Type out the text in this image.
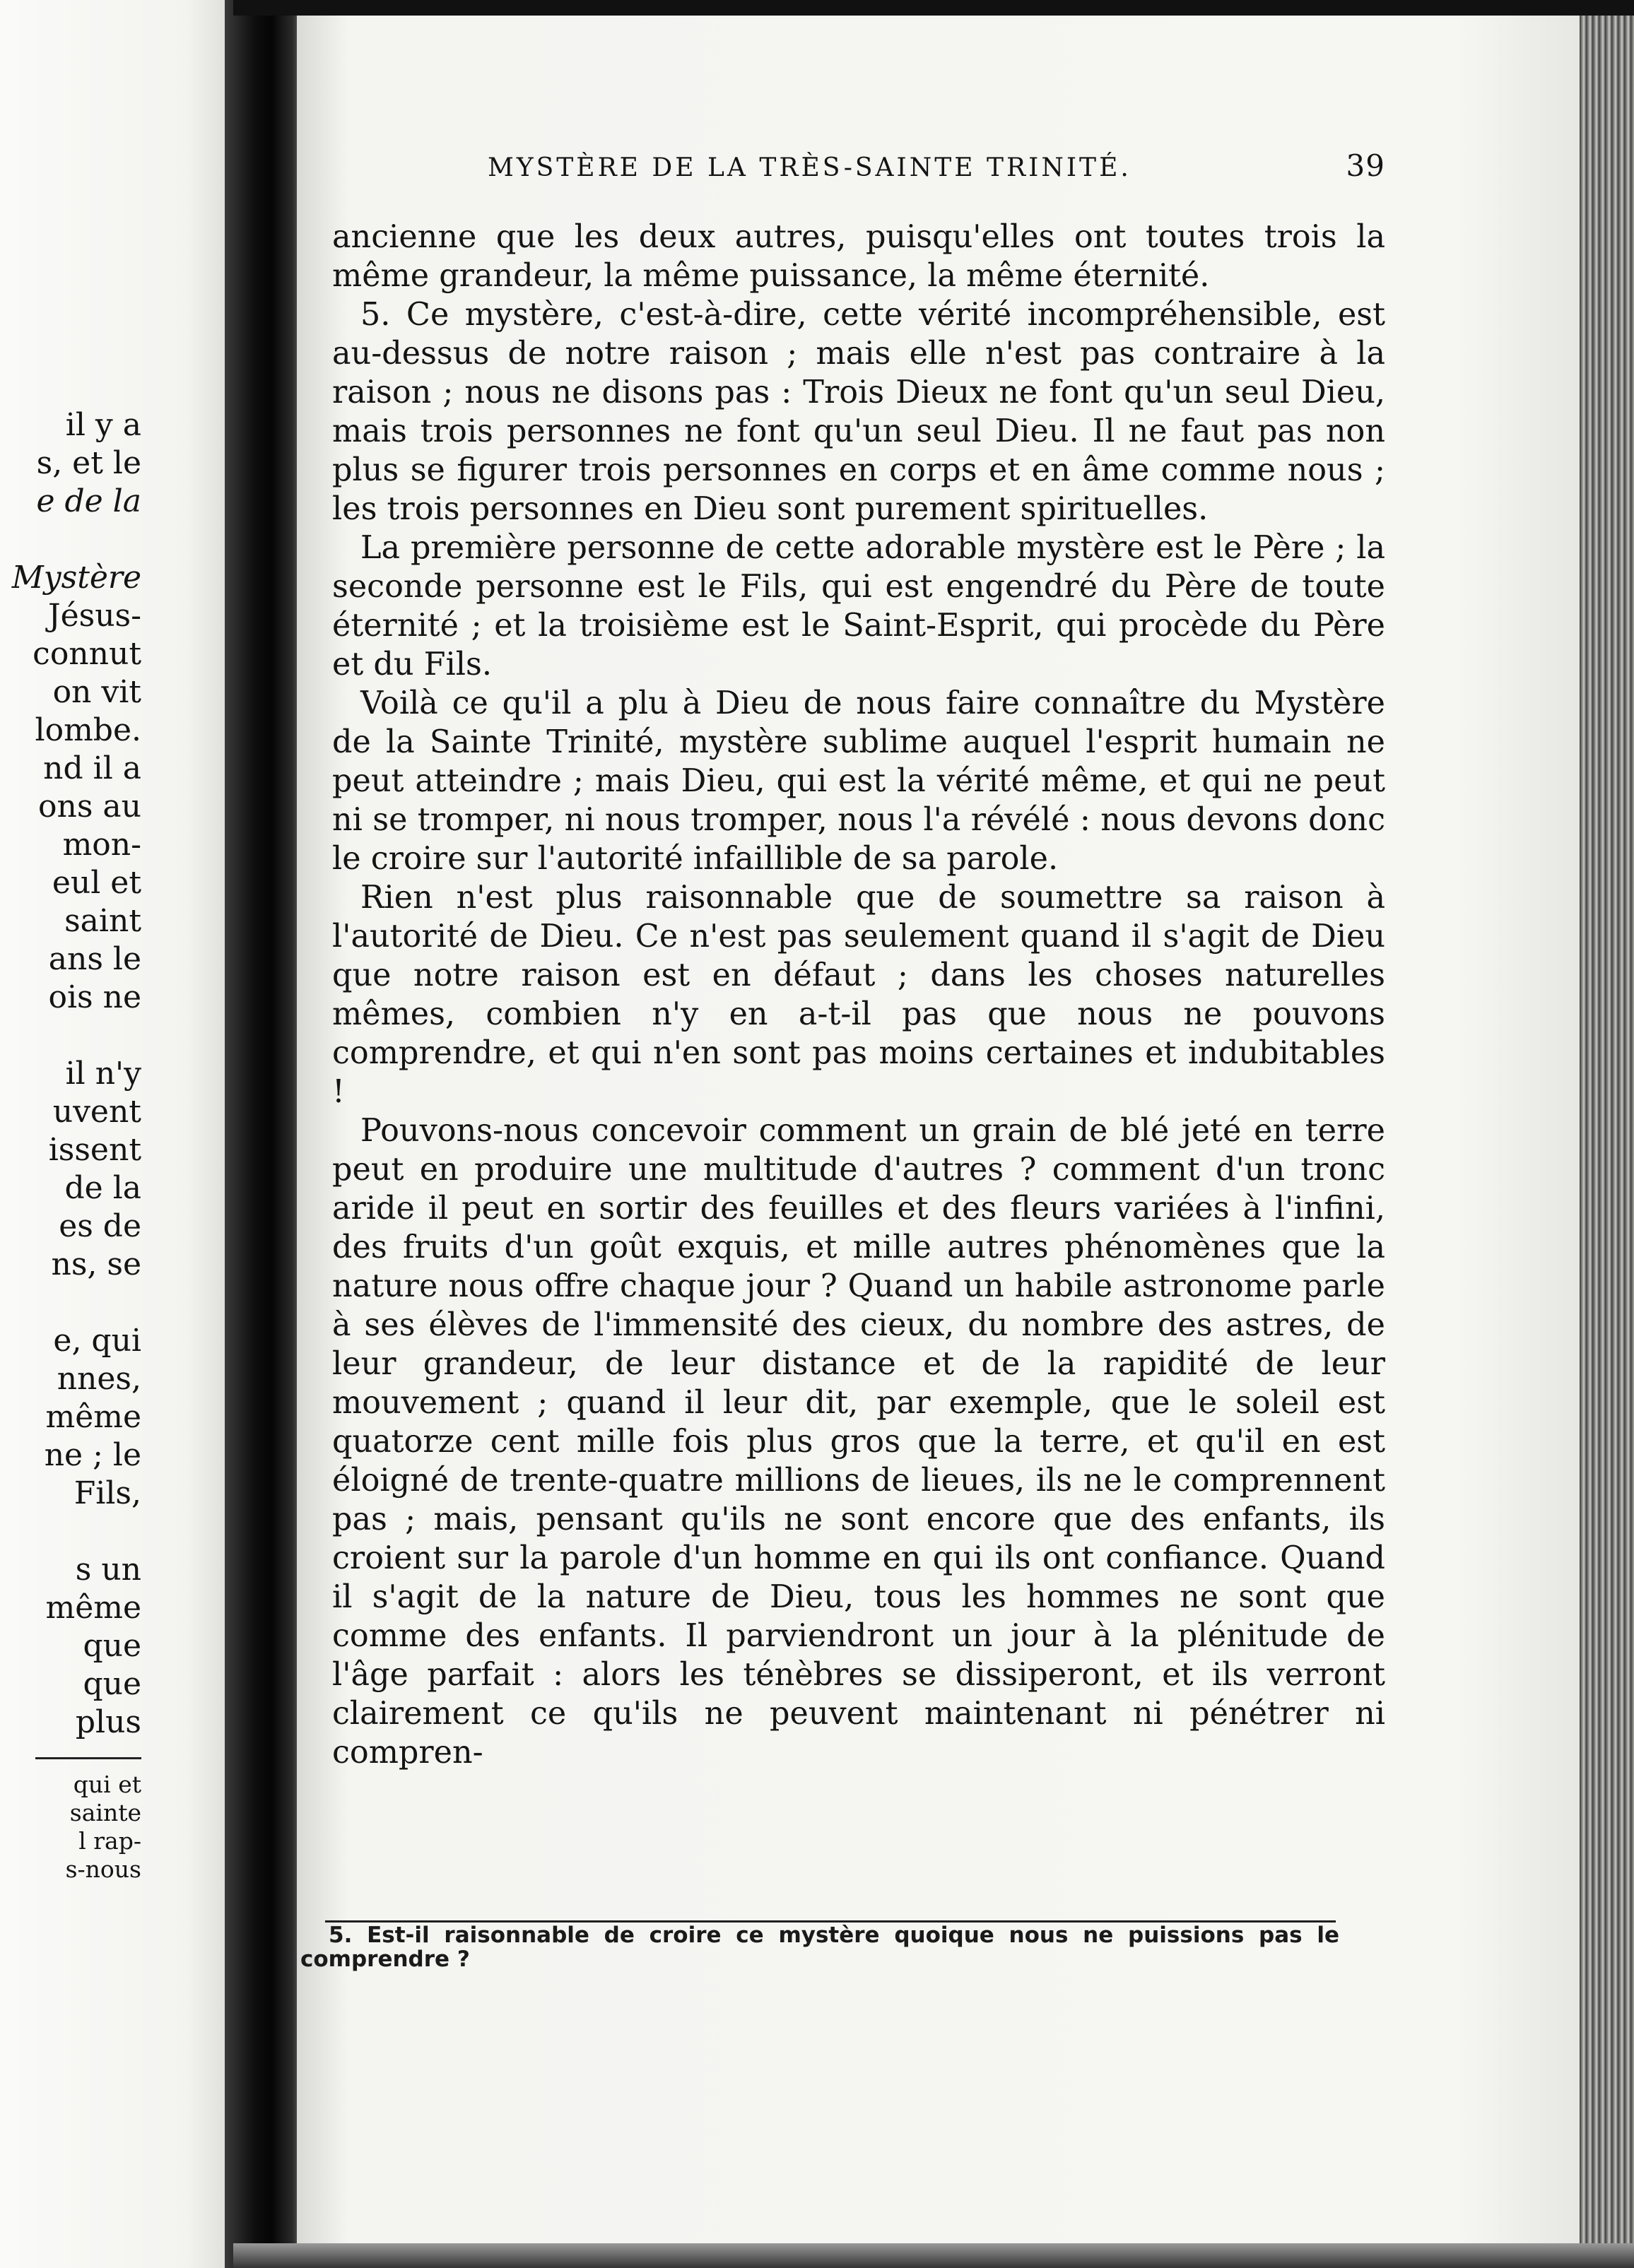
il y a
s, et le
e de la
Mystère
Jésus-
connut
on vit
lombe.
nd il a
ons au
mon-
eul et
saint
ans le
ois ne
il n'y
uvent
issent
de la
es de
ns, se
e, qui
nnes,
même
ne ; le
Fils,
s un
même
que
que
plus
qui et
sainte
l rap-
s-nous
MYSTÈRE DE LA TRÈS-SAINTE TRINITÉ.	39

ancienne que les deux autres, puisqu'elles ont toutes trois la même grandeur, la même puissance, la même éternité.

5. Ce mystère, c'est-à-dire, cette vérité incompréhensible, est au-dessus de notre raison ; mais elle n'est pas contraire à la raison ; nous ne disons pas : Trois Dieux ne font qu'un seul Dieu, mais trois personnes ne font qu'un seul Dieu. Il ne faut pas non plus se figurer trois personnes en corps et en âme comme nous ; les trois personnes en Dieu sont purement spirituelles.

La première personne de cette adorable mystère est le Père ; la seconde personne est le Fils, qui est engendré du Père de toute éternité ; et la troisième est le Saint-Esprit, qui procède du Père et du Fils.

Voilà ce qu'il a plu à Dieu de nous faire connaître du Mystère de la Sainte Trinité, mystère sublime auquel l'esprit humain ne peut atteindre ; mais Dieu, qui est la vérité même, et qui ne peut ni se tromper, ni nous tromper, nous l'a révélé : nous devons donc le croire sur l'autorité infaillible de sa parole.

Rien n'est plus raisonnable que de soumettre sa raison à l'autorité de Dieu. Ce n'est pas seulement quand il s'agit de Dieu que notre raison est en défaut ; dans les choses naturelles mêmes, combien n'y en a-t-il pas que nous ne pouvons comprendre, et qui n'en sont pas moins certaines et indubitables !

Pouvons-nous concevoir comment un grain de blé jeté en terre peut en produire une multitude d'autres ? comment d'un tronc aride il peut en sortir des feuilles et des fleurs variées à l'infini, des fruits d'un goût exquis, et mille autres phénomènes que la nature nous offre chaque jour ? Quand un habile astronome parle à ses élèves de l'immensité des cieux, du nombre des astres, de leur grandeur, de leur distance et de la rapidité de leur mouvement ; quand il leur dit, par exemple, que le soleil est quatorze cent mille fois plus gros que la terre, et qu'il en est éloigné de trente-quatre millions de lieues, ils ne le comprennent pas ; mais, pensant qu'ils ne sont encore que des enfants, ils croient sur la parole d'un homme en qui ils ont confiance. Quand il s'agit de la nature de Dieu, tous les hommes ne sont que comme des enfants. Il parviendront un jour à la plénitude de l'âge parfait : alors les ténèbres se dissiperont, et ils verront clairement ce qu'ils ne peuvent maintenant ni pénétrer ni compren-

5. Est-il raisonnable de croire ce mystère quoique nous ne puissions pas le comprendre ?
